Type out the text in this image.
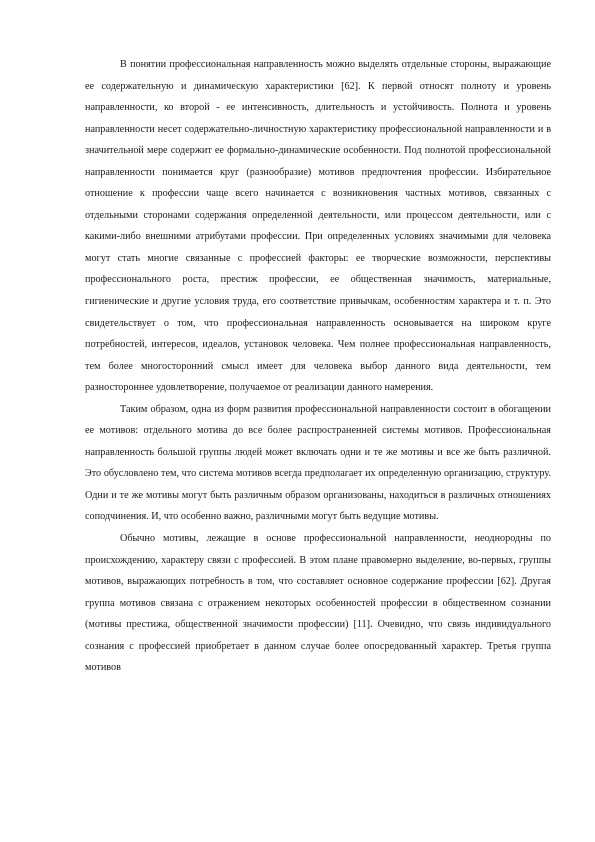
В понятии профессиональная направленность можно выделять отдельные стороны, выражающие ее содержательную и динамическую характеристики [62]. К первой относят полноту и уровень направленности, ко второй - ее интенсивность, длительность и устойчивость. Полнота и уровень направленности несет содержательно-личностную характеристику профессиональной направленности и в значительной мере содержит ее формально-динамические особенности. Под полнотой профессиональной направленности понимается круг (разнообразие) мотивов предпочтения профессии. Избирательное отношение к профессии чаще всего начинается с возникновения частных мотивов, связанных с отдельными сторонами содержания определенной деятельности, или процессом деятельности, или с какими-либо внешними атрибутами профессии. При определенных условиях значимыми для человека могут стать многие связанные с профессией факторы: ее творческие возможности, перспективы профессионального роста, престиж профессии, ее общественная значимость, материальные, гигиенические и другие условия труда, его соответствие привычкам, особенностям характера и т. п. Это свидетельствует о том, что профессиональная направленность основывается на широком круге потребностей, интересов, идеалов, установок человека. Чем полнее профессиональная направленность, тем более многосторонний смысл имеет для человека выбор данного вида деятельности, тем разностороннее удовлетворение, получаемое от реализации данного намерения.

Таким образом, одна из форм развития профессиональной направленности состоит в обогащении ее мотивов: отдельного мотива до все более распространенней системы мотивов. Профессиональная направленность большой группы людей может включать одни и те же мотивы и все же быть различной. Это обусловлено тем, что система мотивов всегда предполагает их определенную организацию, структуру. Одни и те же мотивы могут быть различным образом организованы, находиться в различных отношениях соподчинения. И, что особенно важно, различными могут быть ведущие мотивы.

Обычно мотивы, лежащие в основе профессиональной направленности, неоднородны по происхождению, характеру связи с профессией. В этом плане правомерно выделение, во-первых, группы мотивов, выражающих потребность в том, что составляет основное содержание профессии [62]. Другая группа мотивов связана с отражением некоторых особенностей профессии в общественном сознании (мотивы престижа, общественной значимости профессии) [11]. Очевидно, что связь индивидуального сознания с профессией приобретает в данном случае более опосредованный характер. Третья группа мотивов
